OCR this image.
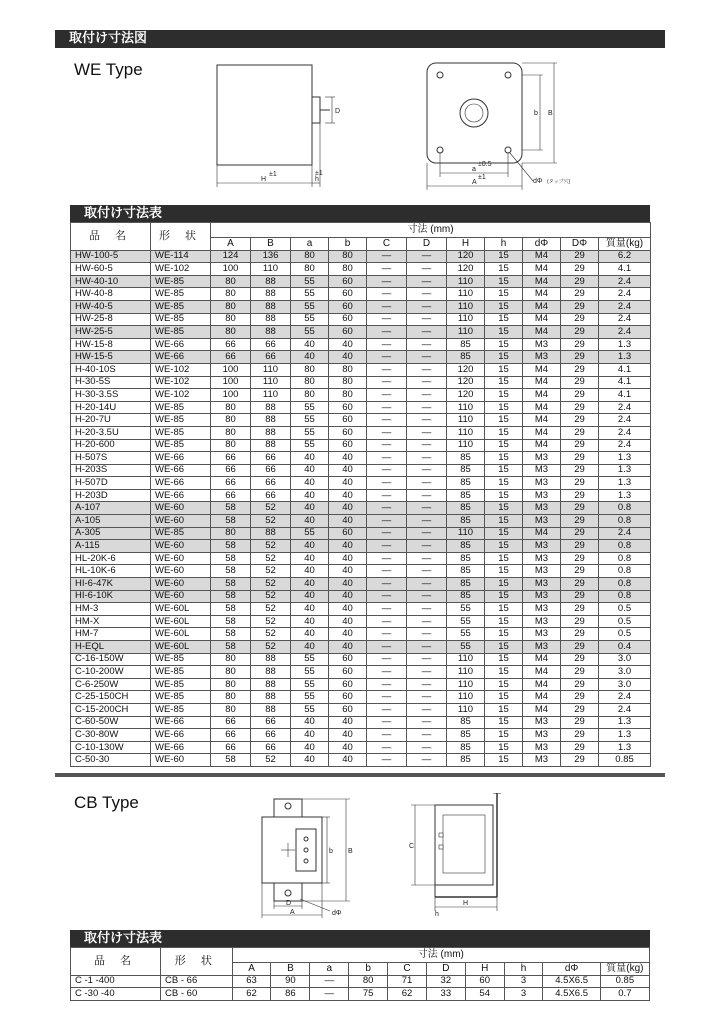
取付け寸法図
WE Type
H
±1
h
±1
D
a
±0.5
A
±1
b B
dΦ (タップ穴)
取付け寸法表
品 名	形 状	寸法 (mm)										
		A	B	a	b	C	D	H	h	dΦ	DΦ	質量(kg)
HW-100-5	WE-114	124	136	80	80	—	—	120	15	M4	29	6.2
HW-60-5	WE-102	100	110	80	80	—	—	120	15	M4	29	4.1
HW-40-10	WE-85	80	88	55	60	—	—	110	15	M4	29	2.4
HW-40-8	WE-85	80	88	55	60	—	—	110	15	M4	29	2.4
HW-40-5	WE-85	80	88	55	60	—	—	110	15	M4	29	2.4
HW-25-8	WE-85	80	88	55	60	—	—	110	15	M4	29	2.4
HW-25-5	WE-85	80	88	55	60	—	—	110	15	M4	29	2.4
HW-15-8	WE-66	66	66	40	40	—	—	85	15	M3	29	1.3
HW-15-5	WE-66	66	66	40	40	—	—	85	15	M3	29	1.3
H-40-10S	WE-102	100	110	80	80	—	—	120	15	M4	29	4.1
H-30-5S	WE-102	100	110	80	80	—	—	120	15	M4	29	4.1
H-30-3.5S	WE-102	100	110	80	80	—	—	120	15	M4	29	4.1
H-20-14U	WE-85	80	88	55	60	—	—	110	15	M4	29	2.4
H-20-7U	WE-85	80	88	55	60	—	—	110	15	M4	29	2.4
H-20-3.5U	WE-85	80	88	55	60	—	—	110	15	M4	29	2.4
H-20-600	WE-85	80	88	55	60	—	—	110	15	M4	29	2.4
H-507S	WE-66	66	66	40	40	—	—	85	15	M3	29	1.3
H-203S	WE-66	66	66	40	40	—	—	85	15	M3	29	1.3
H-507D	WE-66	66	66	40	40	—	—	85	15	M3	29	1.3
H-203D	WE-66	66	66	40	40	—	—	85	15	M3	29	1.3
A-107	WE-60	58	52	40	40	—	—	85	15	M3	29	0.8
A-105	WE-60	58	52	40	40	—	—	85	15	M3	29	0.8
A-305	WE-85	80	88	55	60	—	—	110	15	M4	29	2.4
A-115	WE-60	58	52	40	40	—	—	85	15	M3	29	0.8
HL-20K-6	WE-60	58	52	40	40	—	—	85	15	M3	29	0.8
HL-10K-6	WE-60	58	52	40	40	—	—	85	15	M3	29	0.8
HI-6-47K	WE-60	58	52	40	40	—	—	85	15	M3	29	0.8
HI-6-10K	WE-60	58	52	40	40	—	—	85	15	M3	29	0.8
HM-3	WE-60L	58	52	40	40	—	—	55	15	M3	29	0.5
HM-X	WE-60L	58	52	40	40	—	—	55	15	M3	29	0.5
HM-7	WE-60L	58	52	40	40	—	—	55	15	M3	29	0.5
H-EQL	WE-60L	58	52	40	40	—	—	55	15	M3	29	0.4
C-16-150W	WE-85	80	88	55	60	—	—	110	15	M4	29	3.0
C-10-200W	WE-85	80	88	55	60	—	—	110	15	M4	29	3.0
C-6-250W	WE-85	80	88	55	60	—	—	110	15	M4	29	3.0
C-25-150CH	WE-85	80	88	55	60	—	—	110	15	M4	29	2.4
C-15-200CH	WE-85	80	88	55	60	—	—	110	15	M4	29	2.4
C-60-50W	WE-66	66	66	40	40	—	—	85	15	M3	29	1.3
C-30-80W	WE-66	66	66	40	40	—	—	85	15	M3	29	1.3
C-10-130W	WE-66	66	66	40	40	—	—	85	15	M3	29	1.3
C-50-30	WE-60	58	52	40	40	—	—	85	15	M3	29	0.85
CB Type
b B
D
A	dΦ
C
H
h
取付け寸法表
品 名	形 状	寸法 (mm)									
		A	B	a	b	C	D	H	h	dΦ	質量(kg)
C -1 -400	CB - 66	63	90	—	80	71	32	60	3	4.5X6.5	0.85
C -30 -40	CB - 60	62	86	—	75	62	33	54	3	4.5X6.5	0.7
